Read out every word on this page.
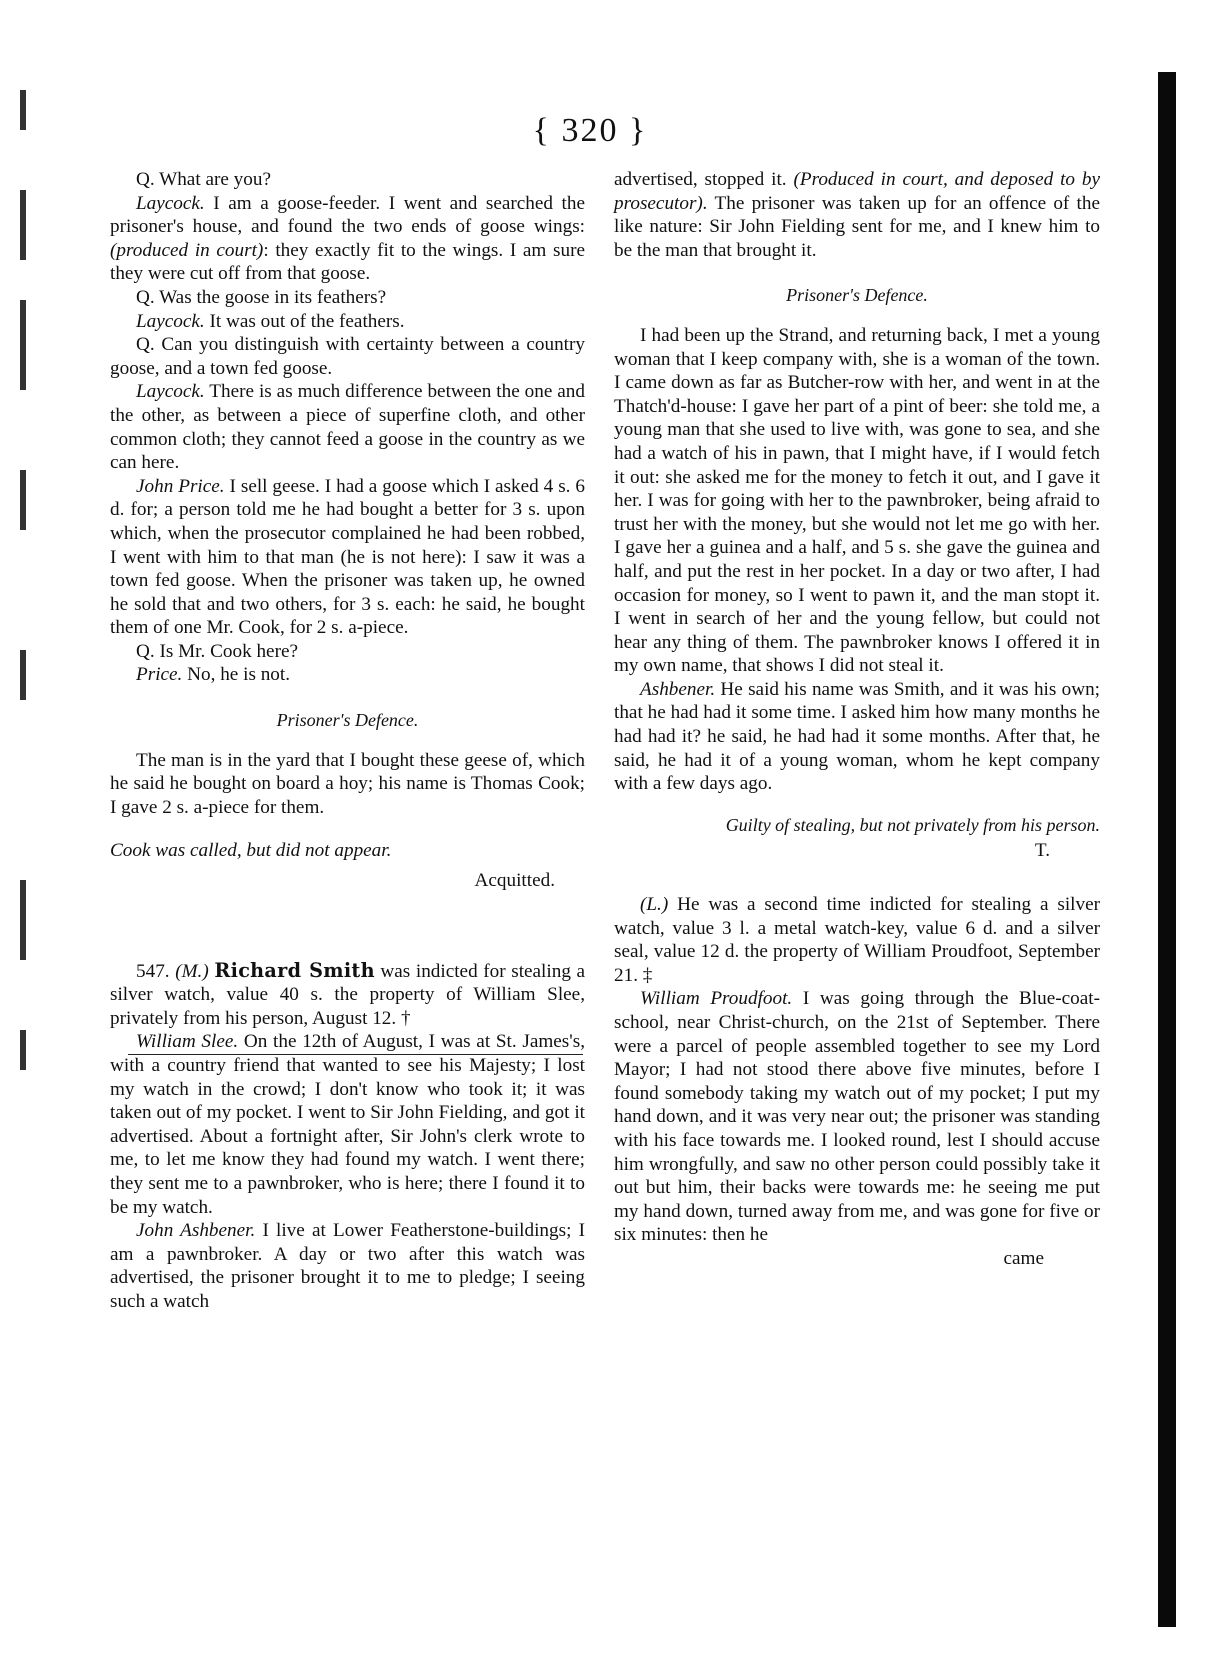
{ 320 }

Q. What are you?

Laycock. I am a goose-feeder. I went and searched the prisoner's house, and found the two ends of goose wings: (produced in court): they exactly fit to the wings. I am sure they were cut off from that goose.

Q. Was the goose in its feathers?

Laycock. It was out of the feathers.

Q. Can you distinguish with certainty between a country goose, and a town fed goose.

Laycock. There is as much difference between the one and the other, as between a piece of superfine cloth, and other common cloth; they cannot feed a goose in the country as we can here.

John Price. I sell geese. I had a goose which I asked 4 s. 6 d. for; a person told me he had bought a better for 3 s. upon which, when the prosecutor complained he had been robbed, I went with him to that man (he is not here): I saw it was a town fed goose. When the prisoner was taken up, he owned he sold that and two others, for 3 s. each: he said, he bought them of one Mr. Cook, for 2 s. a-piece.

Q. Is Mr. Cook here?

Price. No, he is not.

Prisoner's Defence.

The man is in the yard that I bought these geese of, which he said he bought on board a hoy; his name is Thomas Cook; I gave 2 s. a-piece for them.

Cook was called, but did not appear.
Acquitted.

547. (M.) Richard Smith was indicted for stealing a silver watch, value 40 s. the property of William Slee, privately from his person, August 12. †

William Slee. On the 12th of August, I was at St. James's, with a country friend that wanted to see his Majesty; I lost my watch in the crowd; I don't know who took it; it was taken out of my pocket. I went to Sir John Fielding, and got it advertised. About a fortnight after, Sir John's clerk wrote to me, to let me know they had found my watch. I went there; they sent me to a pawnbroker, who is here; there I found it to be my watch.

John Ashbener. I live at Lower Featherstone-buildings; I am a pawnbroker. A day or two after this watch was advertised, the prisoner brought it to me to pledge; I seeing such a watch

advertised, stopped it. (Produced in court, and deposed to by prosecutor). The prisoner was taken up for an offence of the like nature: Sir John Fielding sent for me, and I knew him to be the man that brought it.

Prisoner's Defence.

I had been up the Strand, and returning back, I met a young woman that I keep company with, she is a woman of the town. I came down as far as Butcher-row with her, and went in at the Thatch'd-house: I gave her part of a pint of beer: she told me, a young man that she used to live with, was gone to sea, and she had a watch of his in pawn, that I might have, if I would fetch it out: she asked me for the money to fetch it out, and I gave it her. I was for going with her to the pawnbroker, being afraid to trust her with the money, but she would not let me go with her. I gave her a guinea and a half, and 5 s. she gave the guinea and half, and put the rest in her pocket. In a day or two after, I had occasion for money, so I went to pawn it, and the man stopt it. I went in search of her and the young fellow, but could not hear any thing of them. The pawnbroker knows I offered it in my own name, that shows I did not steal it.

Ashbener. He said his name was Smith, and it was his own; that he had had it some time. I asked him how many months he had had it? he said, he had had it some months. After that, he said, he had it of a young woman, whom he kept company with a few days ago.

Guilty of stealing, but not privately from his person.
T.

(L.) He was a second time indicted for stealing a silver watch, value 3 l. a metal watch-key, value 6 d. and a silver seal, value 12 d. the property of William Proudfoot, September 21. ‡

William Proudfoot. I was going through the Blue-coat-school, near Christ-church, on the 21st of September. There were a parcel of people assembled together to see my Lord Mayor; I had not stood there above five minutes, before I found somebody taking my watch out of my pocket; I put my hand down, and it was very near out; the prisoner was standing with his face towards me. I looked round, lest I should accuse him wrongfully, and saw no other person could possibly take it out but him, their backs were towards me: he seeing me put my hand down, turned away from me, and was gone for five or six minutes: then he

came
